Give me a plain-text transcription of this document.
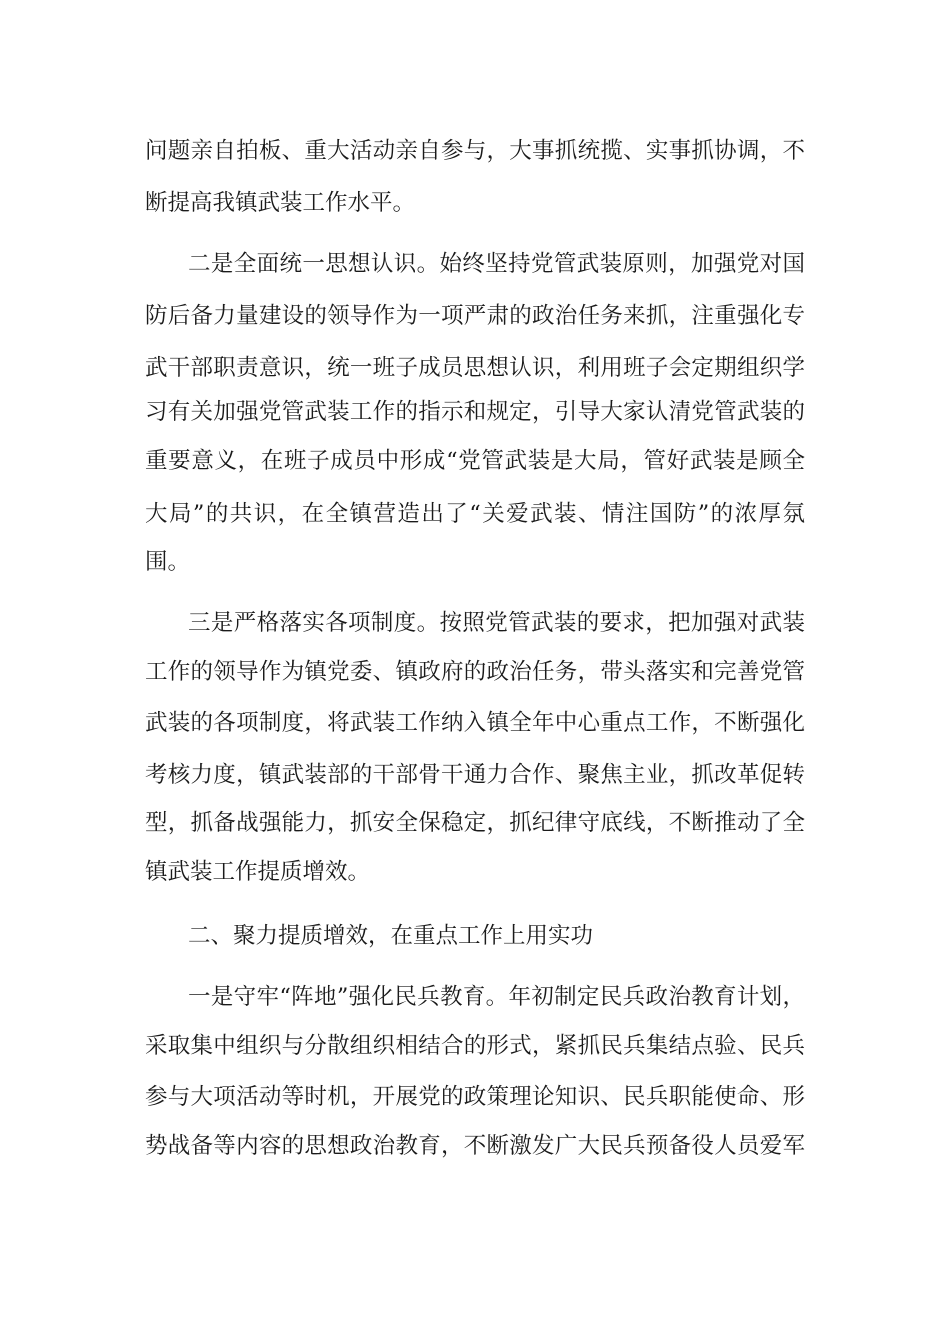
问题亲自拍板、重大活动亲自参与，大事抓统揽、实事抓协调，不
断提高我镇武装工作水平。
二是全面统一思想认识。始终坚持党管武装原则，加强党对国
防后备力量建设的领导作为一项严肃的政治任务来抓，注重强化专
武干部职责意识，统一班子成员思想认识，利用班子会定期组织学
习有关加强党管武装工作的指示和规定，引导大家认清党管武装的
重要意义，在班子成员中形成“党管武装是大局，管好武装是顾全
大局”的共识，在全镇营造出了“关爱武装、情注国防”的浓厚氛
围。
三是严格落实各项制度。按照党管武装的要求，把加强对武装
工作的领导作为镇党委、镇政府的政治任务，带头落实和完善党管
武装的各项制度，将武装工作纳入镇全年中心重点工作，不断强化
考核力度，镇武装部的干部骨干通力合作、聚焦主业，抓改革促转
型，抓备战强能力，抓安全保稳定，抓纪律守底线，不断推动了全
镇武装工作提质增效。
二、聚力提质增效，在重点工作上用实功
一是守牢“阵地”强化民兵教育。年初制定民兵政治教育计划，
采取集中组织与分散组织相结合的形式，紧抓民兵集结点验、民兵
参与大项活动等时机，开展党的政策理论知识、民兵职能使命、形
势战备等内容的思想政治教育，不断激发广大民兵预备役人员爱军
